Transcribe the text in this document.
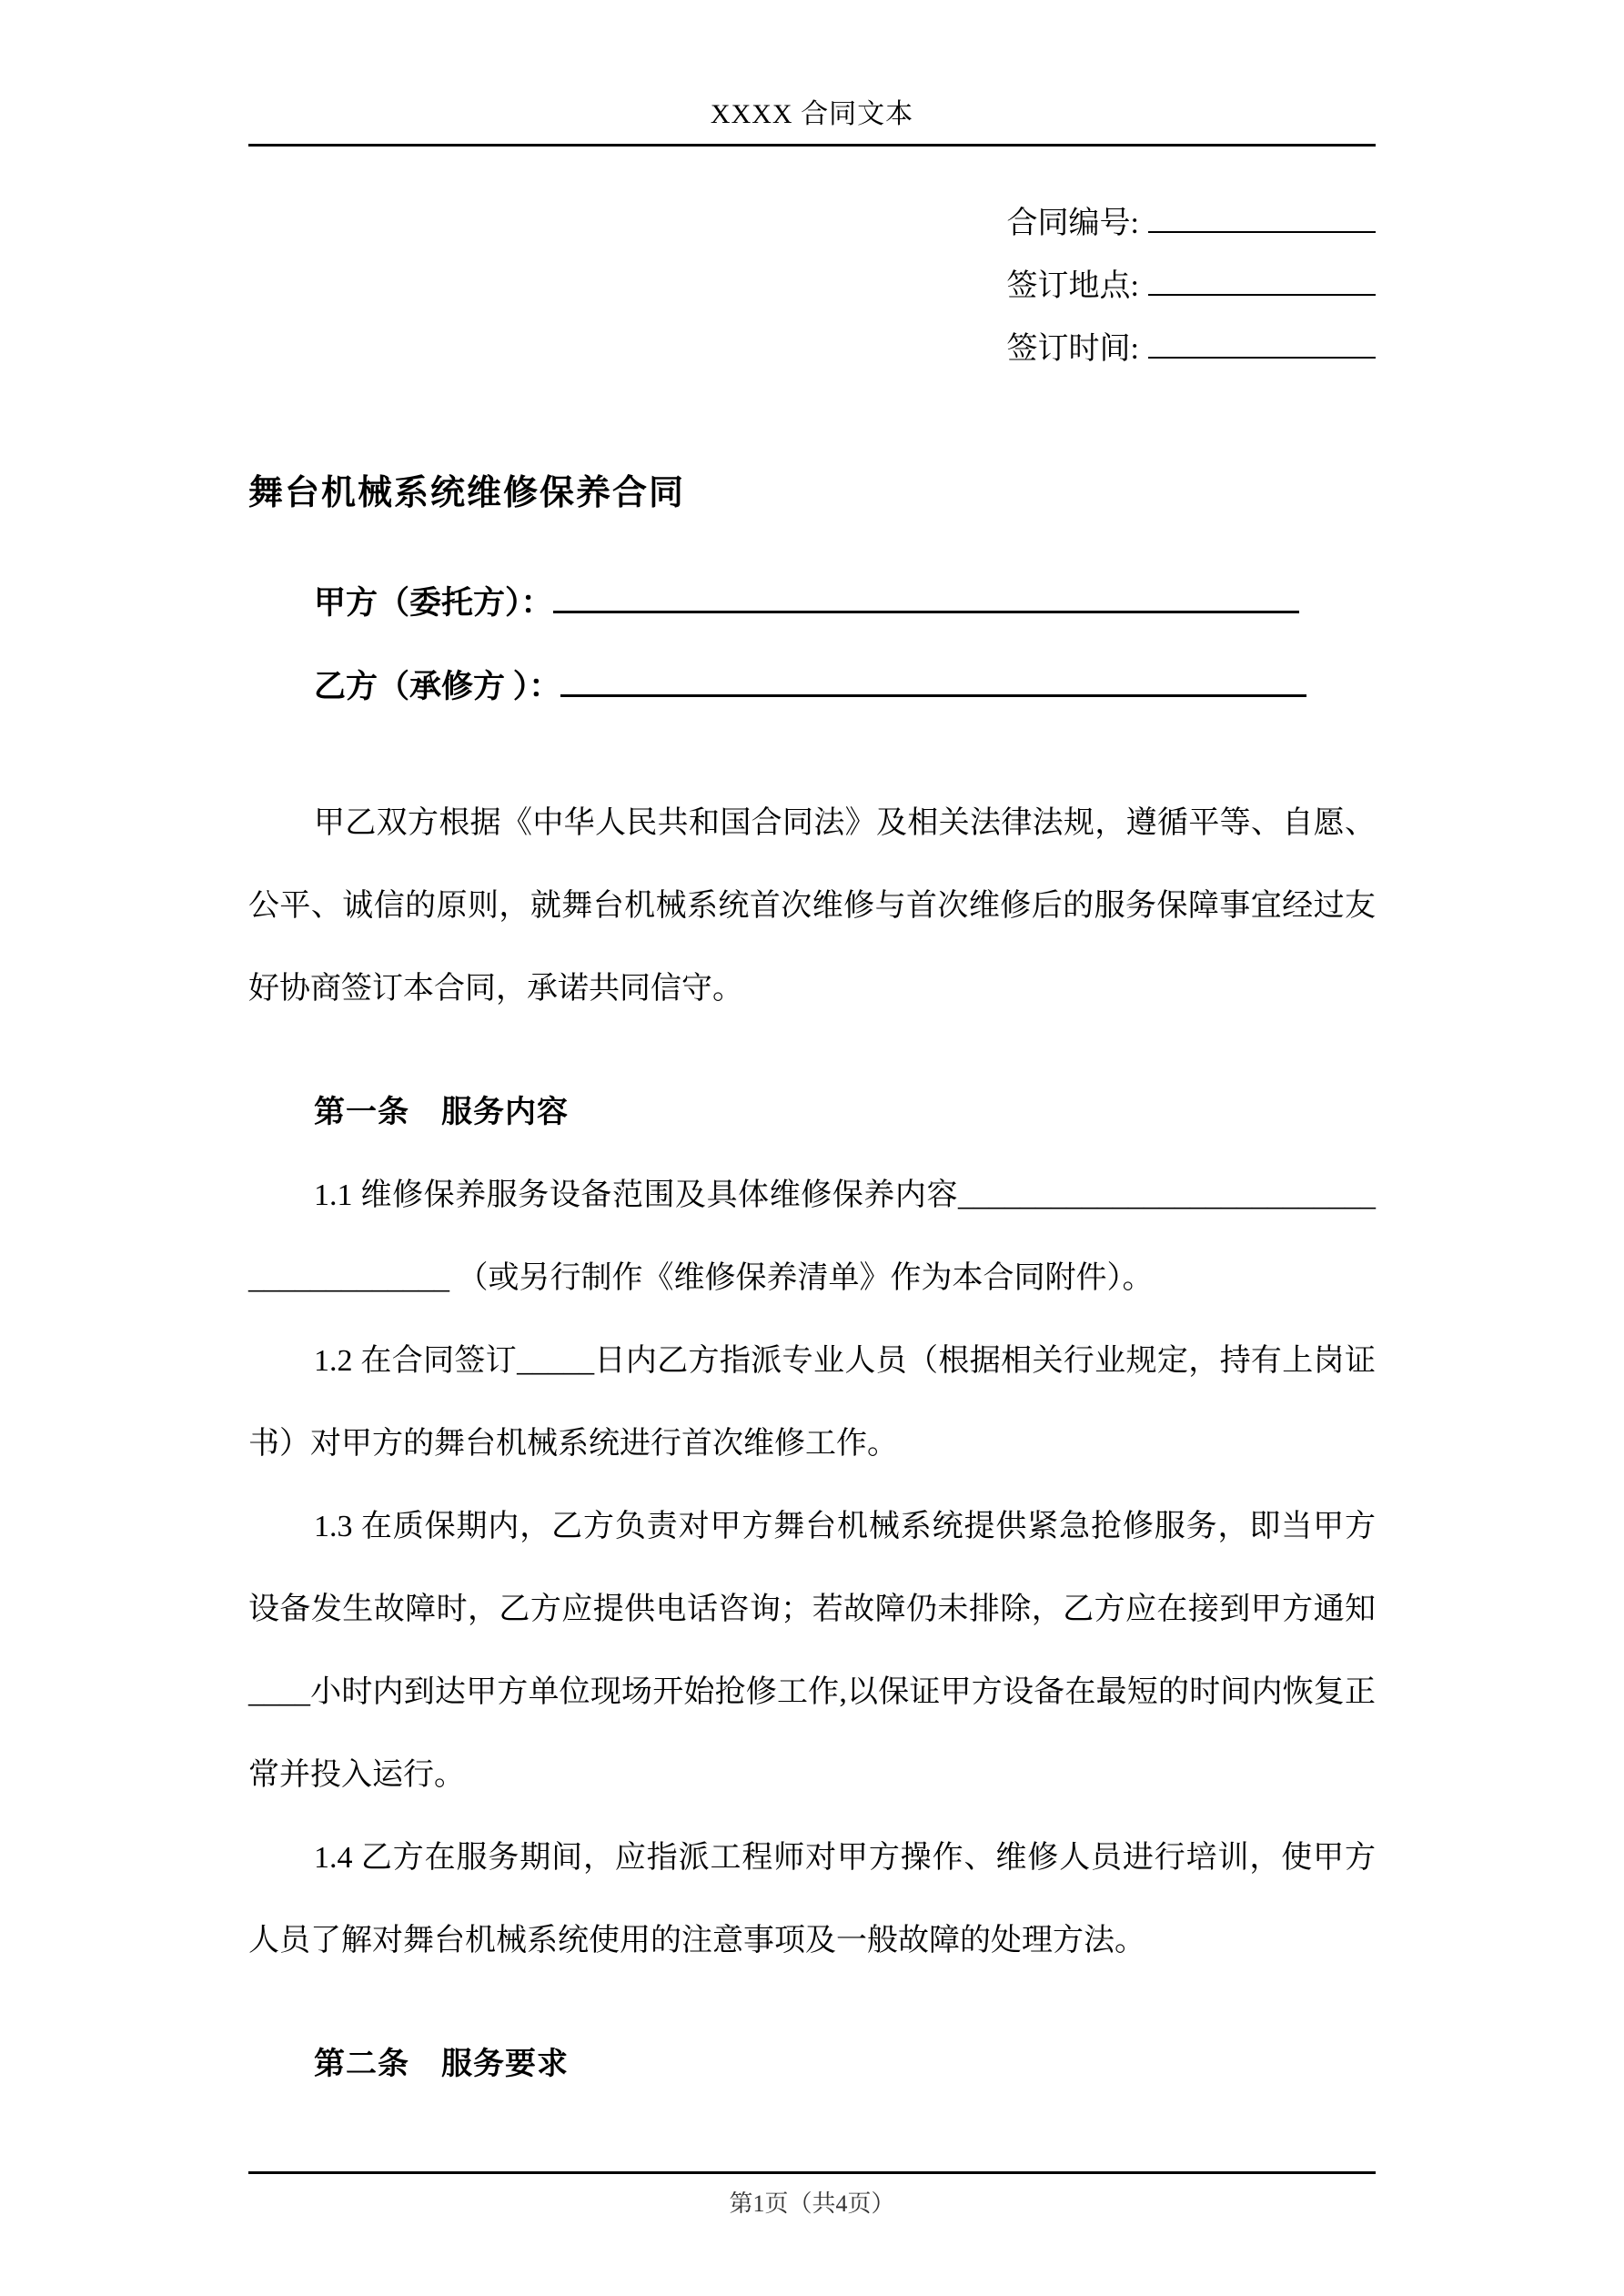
XXXX 合同文本
合同编号:
签订地点:
签订时间:
舞台机械系统维修保养合同
甲方（委托方）：
乙方（承修方 ）：

甲乙双方根据《中华人民共和国合同法》及相关法律法规，遵循平等、自愿、公平、诚信的原则，就舞台机械系统首次维修与首次维修后的服务保障事宜经过友好协商签订本合同，承诺共同信守。

第一条　服务内容

1.1 维修保养服务设备范围及具体维修保养内容________________________________________ （或另行制作《维修保养清单》作为本合同附件）。

1.2 在合同签订_____日内乙方指派专业人员（根据相关行业规定，持有上岗证书）对甲方的舞台机械系统进行首次维修工作。

1.3 在质保期内，乙方负责对甲方舞台机械系统提供紧急抢修服务，即当甲方设备发生故障时，乙方应提供电话咨询；若故障仍未排除，乙方应在接到甲方通知____小时内到达甲方单位现场开始抢修工作,以保证甲方设备在最短的时间内恢复正常并投入运行。

1.4 乙方在服务期间，应指派工程师对甲方操作、维修人员进行培训，使甲方人员了解对舞台机械系统使用的注意事项及一般故障的处理方法。

第二条　服务要求
第1页（共4页）
